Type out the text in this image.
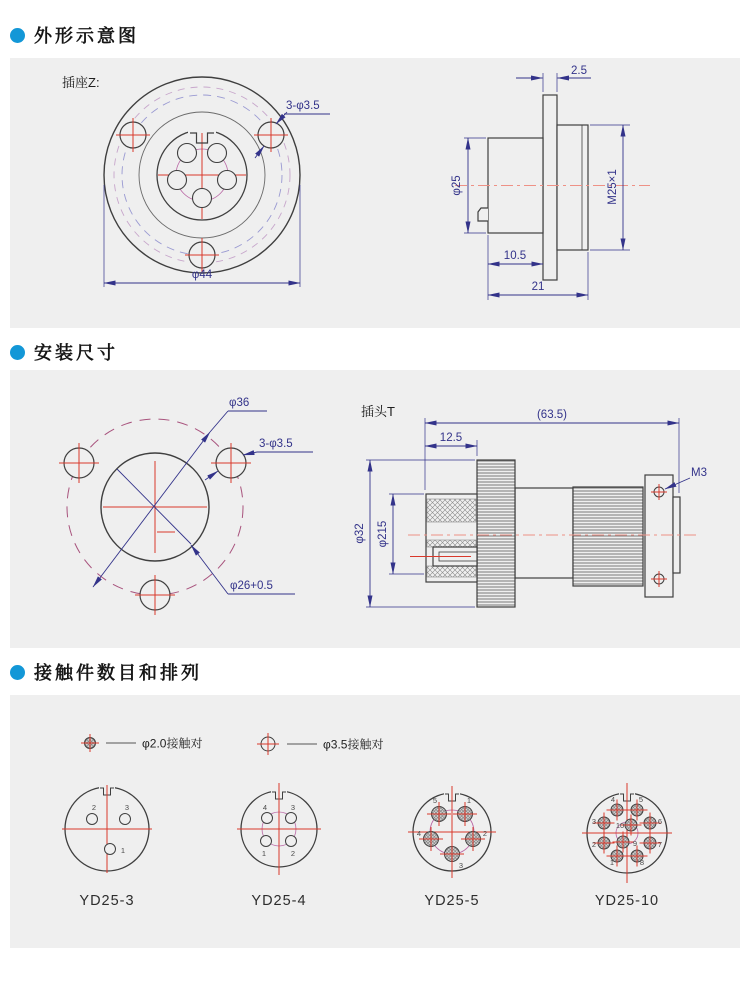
外形示意图
3-φ3.5
φ44
插座Z:
2.5
φ25	M25×1
10.5
21
安装尺寸
φ36
φ26+0.5
3-φ3.5
插头T
M3
(63.5)
12.5
φ32 φ215
接触件数目和排列
φ2.0接触对	φ3.5接触对
YD25-3	YD25-4	YD25-5	YD25-10
2	3
1
4	3
1	2
5	1
4	2
3
4	5
3	6
10
9
2	7
1	8
